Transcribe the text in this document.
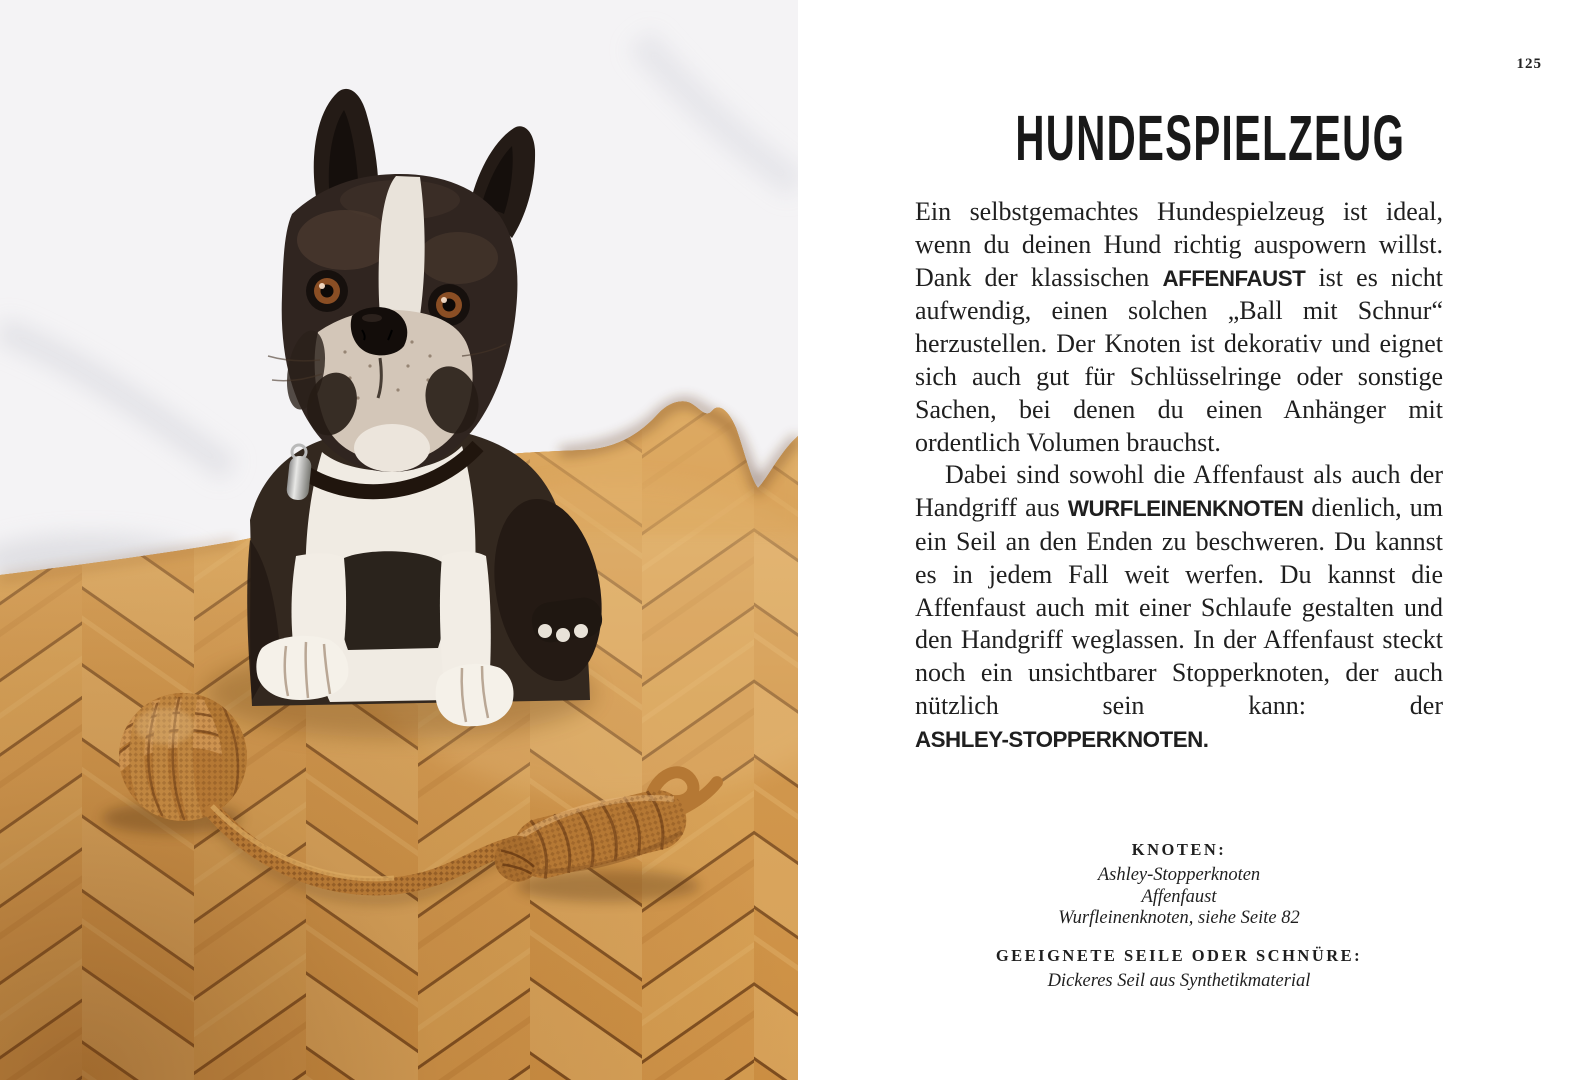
125
HUNDESPIELZEUG

Ein selbstgemachtes Hundespielzeug ist ideal, wenn du deinen Hund richtig auspowern willst. Dank der klassischen AFFENFAUST ist es nicht aufwendig, einen solchen „Ball mit Schnur“ herzustellen. Der Knoten ist dekorativ und eignet sich auch gut für Schlüsselringe oder sonstige Sachen, bei denen du einen Anhänger mit ordentlich Volumen brauchst.

Dabei sind sowohl die Affenfaust als auch der Handgriff aus WURFLEINENKNOTEN dienlich, um ein Seil an den Enden zu beschweren. Du kannst es in jedem Fall weit werfen. Du kannst die Affenfaust auch mit einer Schlaufe gestalten und den Handgriff weglassen. In der Affenfaust steckt noch ein unsichtbarer Stopperknoten, der auch nützlich sein kann: der ASHLEY-STOPPERKNOTEN.

KNOTEN:
Ashley-Stopperknoten
Affenfaust
Wurfleinenknoten, siehe Seite 82
GEEIGNETE SEILE ODER SCHNÜRE:
Dickeres Seil aus Synthetikmaterial
